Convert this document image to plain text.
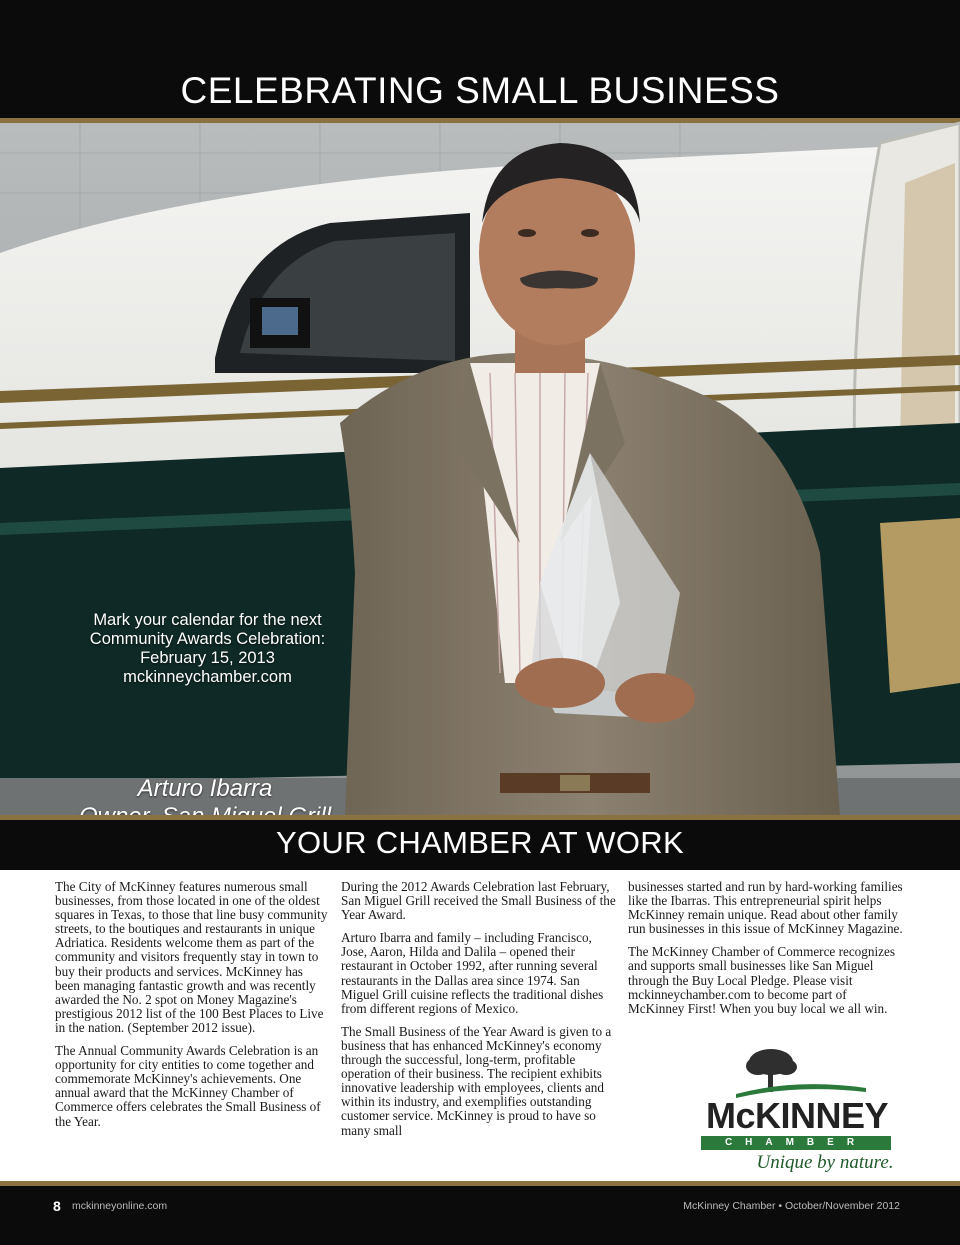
CELEBRATING SMALL BUSINESS
Mark your calendar for the next
Community Awards Celebration:
February 15, 2013
mckinneychamber.com
Arturo Ibarra
YOUR CHAMBER AT WORK

The City of McKinney features numerous small businesses, from those located in one of the oldest squares in Texas, to those that line busy community streets, to the boutiques and restaurants in unique Adriatica. Residents welcome them as part of the community and visitors frequently stay in town to buy their products and services. McKinney has been managing fantastic growth and was recently awarded the No. 2 spot on Money Magazine's prestigious 2012 list of the 100 Best Places to Live in the nation. (September 2012 issue).

The Annual Community Awards Celebration is an opportunity for city entities to come together and commemorate McKinney's achievements. One annual award that the McKinney Chamber of Commerce offers celebrates the Small Business of the Year.

During the 2012 Awards Celebration last February, San Miguel Grill received the Small Business of the Year Award.

Arturo Ibarra and family – including Francisco, Jose, Aaron, Hilda and Dalila – opened their restaurant in October 1992, after running several restaurants in the Dallas area since 1974. San Miguel Grill cuisine reflects the traditional dishes from different regions of Mexico.

The Small Business of the Year Award is given to a business that has enhanced McKinney's economy through the successful, long-term, profitable operation of their business. The recipient exhibits innovative leadership with employees, clients and within its industry, and exemplifies outstanding customer service. McKinney is proud to have so many small

businesses started and run by hard-working families like the Ibarras. This entrepreneurial spirit helps McKinney remain unique. Read about other family run businesses in this issue of McKinney Magazine.

The McKinney Chamber of Commerce recognizes and supports small businesses like San Miguel through the Buy Local Pledge. Please visit mckinneychamber.com to become part of McKinney First! When you buy local we all win.

McKINNEY
CHAMBER
Unique by nature.
8 mckinneyonline.com	McKinney Chamber • October/November 2012
